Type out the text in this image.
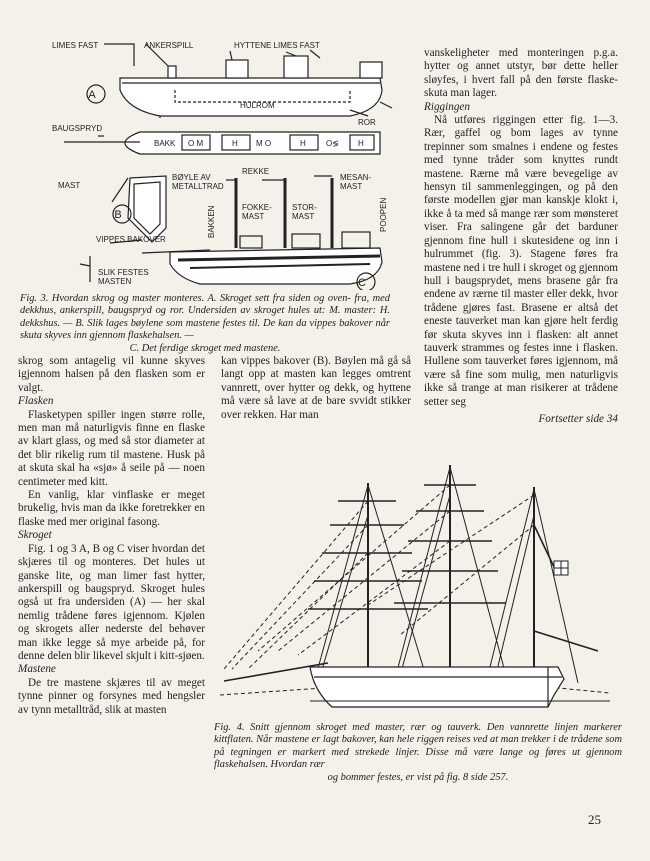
LIMES FAST	ANKERSPILL	HYTTENE LIMES FAST
HULROM
ROR
BAUGSPRYD
BAKK O M	H M O	H	O≶ H
MAST
BØYLE AV
METALLTRAD
REKKE
MESAN-
MAST
BAKKEN	FOKKE-
MAST
STOR-
MAST	POOPEN
VIPPES BAKOVER
SLIK FESTES
MASTEN
A
B
C
Fig. 3. Hvordan skrog og master monteres. A. Skroget sett fra siden og oven- fra, med dekkhus, ankerspill, baugspryd og ror. Undersiden av skroget hules ut: M. master: H. dekkshus. — B. Slik lages bøylene som mastene festes til. De kan da vippes bakover når skuta skyves inn gjennom flaskehalsen. —
C. Det ferdige skroget med mastene.

skrog som antagelig vil kunne skyves igjennom halsen på den flasken som er valgt.

Flasken

Flasketypen spiller ingen større rolle, men man må naturligvis finne en flaske av klart glass, og med så stor diameter at det blir rikelig rum til mastene. Husk på at skuta skal ha «sjø» å seile på — noen centimeter med kitt.

En vanlig, klar vinflaske er meget brukelig, hvis man da ikke foretrekker en flaske med mer original fasong.

Skroget

Fig. 1 og 3 A, B og C viser hvordan det skjæres til og monteres. Det hules ut ganske lite, og man limer fast hytter, ankerspill og baugspryd. Skroget hules også ut fra undersiden (A) — her skal nemlig trådene føres igjennom. Kjølen og skrogets aller nederste del behøver man ikke legge så mye arbeide på, for denne delen blir likevel skjult i kitt-sjøen.

Mastene

De tre mastene skjæres til av meget tynne pinner og forsynes med hengsler av tynn metalltråd, slik at masten

kan vippes bakover (B). Bøylen må gå så langt opp at masten kan legges omtrent vannrett, over hytter og dekk, og hyttene må være så lave at de bare svvidt stikker over rekken. Har man

vanskeligheter med monteringen p.g.a. hytter og annet utstyr, bør dette heller sløyfes, i hvert fall på den første flaske-skuta man lager.

Riggingen

Nå utføres riggingen etter fig. 1—3. Rær, gaffel og bom lages av tynne trepinner som smalnes i endene og festes med tynne tråder som knyttes rundt mastene. Rærne må være bevegelige av hensyn til sammenleggingen, og på den første modellen gjør man kanskje klokt i, ikke å ta med så mange rær som mønsteret viser. Fra salingene går det barduner gjennom fine hull i skutesidene og inn i hulrummet (fig. 3). Stagene føres fra mastene ned i tre hull i skroget og gjennom hull i baugsprydet, mens brasene går fra endene av rærne til master eller dekk, hvor trådene gjøres fast. Brasene er altså det eneste tauverket man kan gjøre helt ferdig før skuta skyves inn i flasken: alt annet tauverk strammes og festes inne i flasken. Hullene som tauverket føres igjennom, må være så fine som mulig, men naturligvis ikke så trange at man risikerer at trådene setter seg

Fortsetter side 34

Fig. 4. Snitt gjennom skroget med master, rær og tauverk. Den vannrette linjen markerer kittflaten. Når mastene er lagt bakover, kan hele riggen reises ved at man trekker i de trådene som på tegningen er markert med strekede linjer. Disse må være lange og føres ut gjennom flaskehalsen. Hvordan rær
og bommer festes, er vist på fig. 8 side 257.
25
